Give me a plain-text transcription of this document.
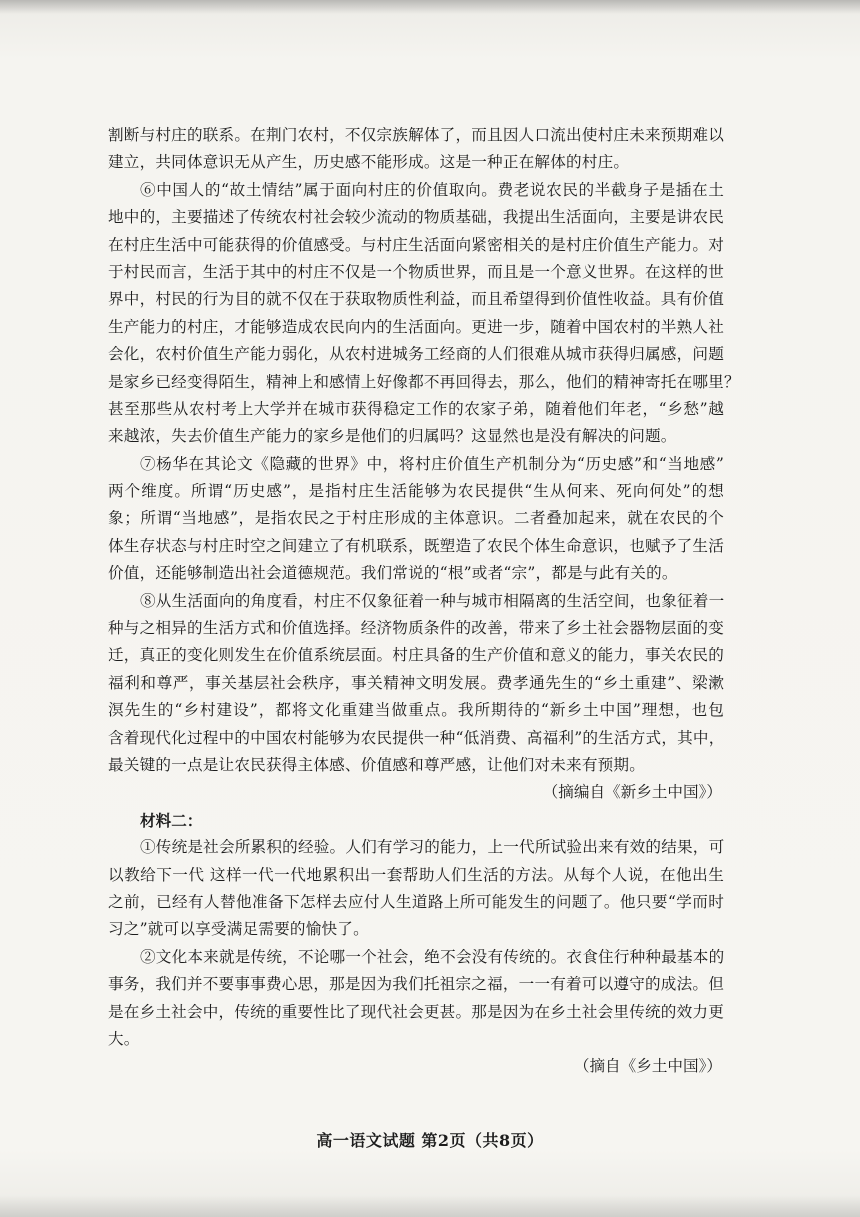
割断与村庄的联系。在荆门农村，不仅宗族解体了，而且因人口流出使村庄未来预期难以
建立，共同体意识无从产生，历史感不能形成。这是一种正在解体的村庄。
⑥中国人的“故土情结”属于面向村庄的价值取向。费老说农民的半截身子是插在土
地中的，主要描述了传统农村社会较少流动的物质基础，我提出生活面向，主要是讲农民
在村庄生活中可能获得的价值感受。与村庄生活面向紧密相关的是村庄价值生产能力。对
于村民而言，生活于其中的村庄不仅是一个物质世界，而且是一个意义世界。在这样的世
界中，村民的行为目的就不仅在于获取物质性利益，而且希望得到价值性收益。具有价值
生产能力的村庄，才能够造成农民向内的生活面向。更进一步，随着中国农村的半熟人社
会化，农村价值生产能力弱化，从农村进城务工经商的人们很难从城市获得归属感，问题
是家乡已经变得陌生，精神上和感情上好像都不再回得去，那么，他们的精神寄托在哪里？
甚至那些从农村考上大学并在城市获得稳定工作的农家子弟，随着他们年老，“乡愁”越
来越浓，失去价值生产能力的家乡是他们的归属吗？这显然也是没有解决的问题。
⑦杨华在其论文《隐藏的世界》中，将村庄价值生产机制分为“历史感”和“当地感”
两个维度。所谓“历史感”，是指村庄生活能够为农民提供“生从何来、死向何处”的想
象；所谓“当地感”，是指农民之于村庄形成的主体意识。二者叠加起来，就在农民的个
体生存状态与村庄时空之间建立了有机联系，既塑造了农民个体生命意识，也赋予了生活
价值，还能够制造出社会道德规范。我们常说的“根”或者“宗”，都是与此有关的。
⑧从生活面向的角度看，村庄不仅象征着一种与城市相隔离的生活空间，也象征着一
种与之相异的生活方式和价值选择。经济物质条件的改善，带来了乡土社会器物层面的变
迁，真正的变化则发生在价值系统层面。村庄具备的生产价值和意义的能力，事关农民的
福利和尊严，事关基层社会秩序，事关精神文明发展。费孝通先生的“乡土重建”、梁漱
溟先生的“乡村建设”，都将文化重建当做重点。我所期待的“新乡土中国”理想，也包
含着现代化过程中的中国农村能够为农民提供一种“低消费、高福利”的生活方式，其中，
最关键的一点是让农民获得主体感、价值感和尊严感，让他们对未来有预期。
（摘编自《新乡土中国》）
材料二：
①传统是社会所累积的经验。人们有学习的能力，上一代所试验出来有效的结果，可
以教给下一代 这样一代一代地累积出一套帮助人们生活的方法。从每个人说，在他出生
之前，已经有人替他准备下怎样去应付人生道路上所可能发生的问题了。他只要“学而时
习之”就可以享受满足需要的愉快了。
②文化本来就是传统，不论哪一个社会，绝不会没有传统的。衣食住行种种最基本的
事务，我们并不要事事费心思，那是因为我们托祖宗之福，一一有着可以遵守的成法。但
是在乡土社会中，传统的重要性比了现代社会更甚。那是因为在乡土社会里传统的效力更
大。
（摘自《乡土中国》）
高一语文试题 第2页（共8页）
